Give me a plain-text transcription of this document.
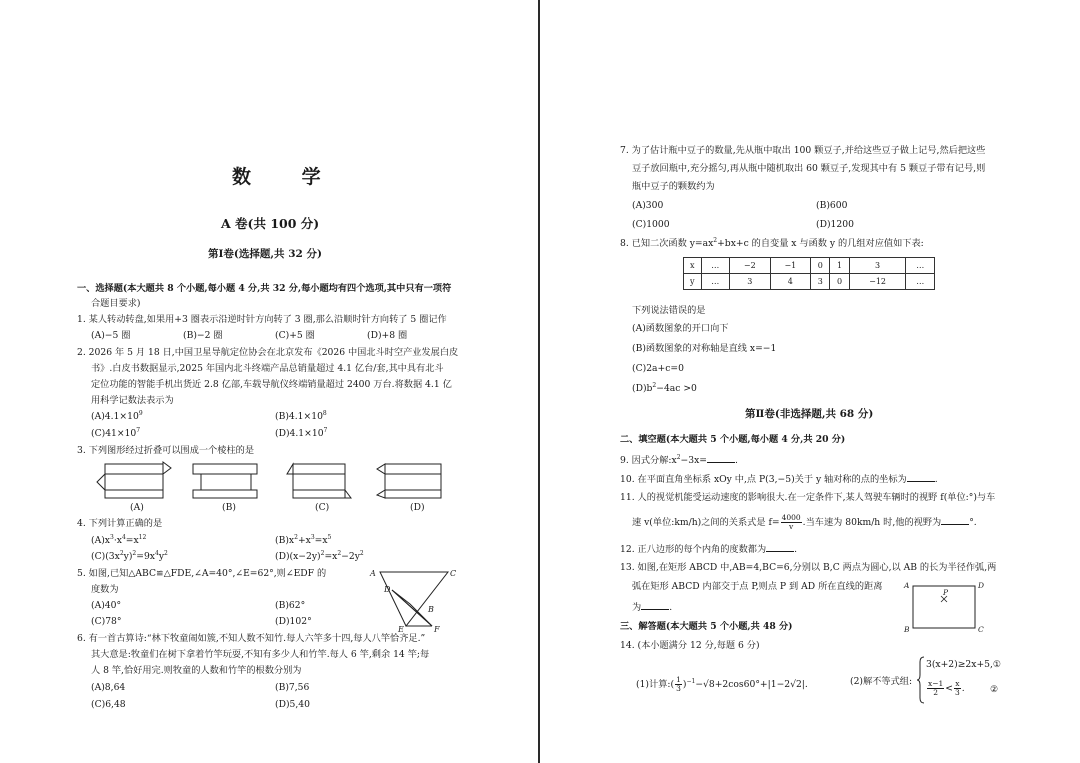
数 学
A 卷(共 100 分)
第Ⅰ卷(选择题,共 32 分)
一、选择题(本大题共 8 个小题,每小题 4 分,共 32 分,每小题均有四个选项,其中只有一项符
合题目要求)
1. 某人转动转盘,如果用+3 圈表示沿逆时针方向转了 3 圈,那么沿顺时针方向转了 5 圈记作
(A)−5 圈	(B)−2 圈	(C)+5 圈	(D)+8 圈
2. 2026 年 5 月 18 日,中国卫星导航定位协会在北京发布《2026 中国北斗时空产业发展白皮
书》.白皮书数据显示,2025 年国内北斗终端产品总销量超过 4.1 亿台/套,其中具有北斗
定位功能的智能手机出货近 2.8 亿部,车载导航仪终端销量超过 2400 万台.将数据 4.1 亿
用科学记数法表示为
$(A)4.1\times 10^9$	$(B)4.1\times 10^8$
$(C)41\times 10^7$	$(D)4.1\times 10^7$
3. 下列图形经过折叠可以围成一个棱柱的是
(A)	(B)	(C)	(D)
4. 下列计算正确的是
$(A)x^3\cdot x^4=x^{12}$	$(B)x^2+x^3=x^5$
$(C)(3x^2y)^2=9x^4y^2$	$(D)(x-2y)^2=x^2-2y^2$
5. 如图,已知△ABC≌△FDE,∠A=40°,∠E=62°,则∠EDF 的
度数为
(A)40°	(B)62°
(C)78°	(D)102°
A	C
D
B
E	F
6. 有一首古算诗:“林下牧童闹如簇,不知人数不知竹.每人六竿多十四,每人八竿恰齐足.”
其大意是:牧童们在树下拿着竹竿玩耍,不知有多少人和竹竿.每人 6 竿,剩余 14 竿;每
人 8 竿,恰好用完.则牧童的人数和竹竿的根数分别为
(A)8,64	(B)7,56
(C)6,48	(D)5,40
7. 为了估计瓶中豆子的数量,先从瓶中取出 100 颗豆子,并给这些豆子做上记号,然后把这些
豆子放回瓶中,充分摇匀,再从瓶中随机取出 60 颗豆子,发现其中有 5 颗豆子带有记号,则
瓶中豆子的颗数约为
(A)300	(B)600
(C)1000	(D)1200
8. 已知二次函数 $y=ax^2+bx+c$ 的自变量 x 与函数 y 的几组对应值如下表:
x	…	−2	−1	0	1	3	…
y	…	3	4	3	0	−12	…
下列说法错误的是
(A)函数图象的开口向下
(B)函数图象的对称轴是直线 x=−1
(C)2a+c=0
$(D)b^2-4ac >0$
第Ⅱ卷(非选择题,共 68 分)
二、填空题(本大题共 5 个小题,每小题 4 分,共 20 分)
9. 因式分解$:x^2-3x=$	.
10. 在平面直角坐标系 xOy 中,点 P(3,−5)关于 y 轴对称的点的坐标为	.
11. 人的视觉机能受运动速度的影响很大.在一定条件下,某人驾驶车辆时的视野 f(单位:°)与车
速 v(单位:km/h)之间的关系式是 $f= \frac{4000}{v}$ .当车速为 80km/h 时,他的视野为	°.
12. 正八边形的每个内角的度数都为	.
13. 如图,在矩形 ABCD 中,AB=4,BC=6,分别以 B,C 两点为圆心,以 AB 的长为半径作弧,两
弧在矩形 ABCD 内部交于点 P,则点 P 到 AD 所在直线的距离
为	.
A	D
P
B	C
三、解答题(本大题共 5 个小题,共 48 分)
14. (本小题满分 12 分,每题 6 分)
(1)计算:( $\frac{1}{3} )^{-1}-√8+2\cos 60^\circ+|1-2√2|$.	(2)解不等式组:
3(x+2)≥2x+5,①
$\frac{x-1}{2} < \frac{x}{3}$ .	②
